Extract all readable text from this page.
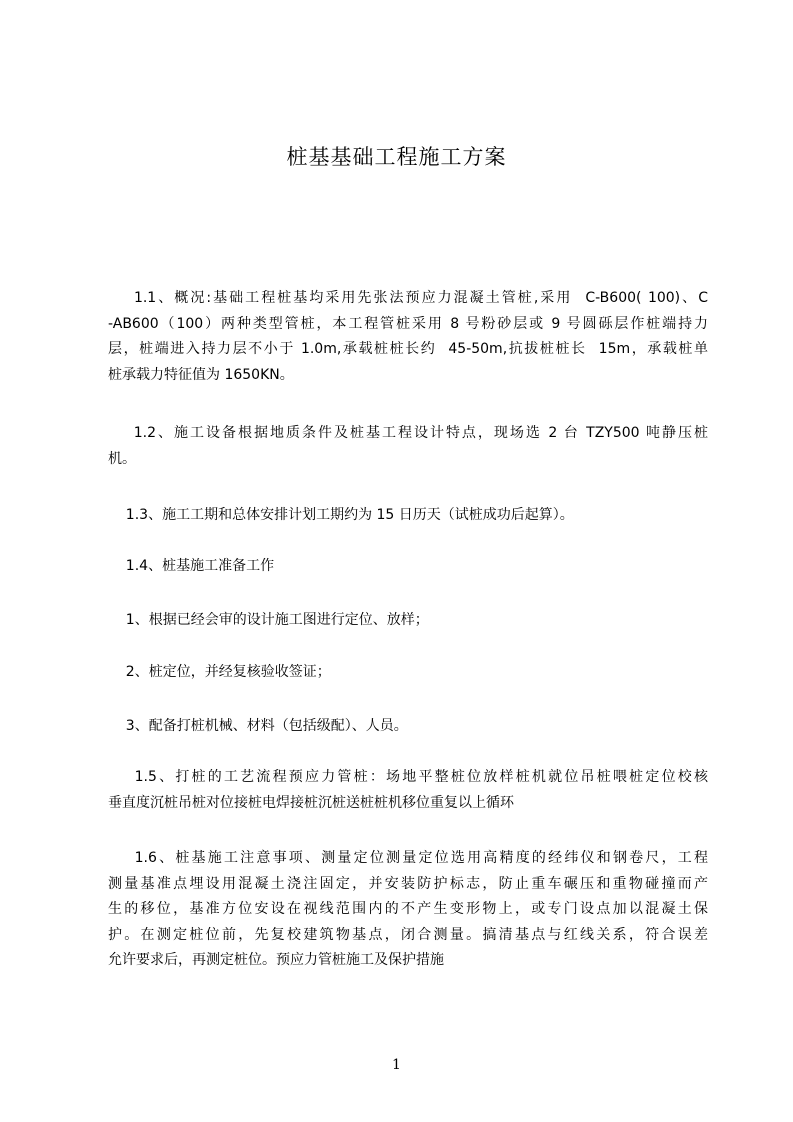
桩基基础工程施工方案
1.1、概况:基础工程桩基均采用先张法预应力混凝土管桩,采用  C-B600( 100)、C
-AB600（100）两种类型管桩，本工程管桩采用 8 号粉砂层或 9 号圆砾层作桩端持力
层，桩端进入持力层不小于 1.0m,承载桩桩长约  45-50m,抗拔桩桩长  15m，承载桩单
桩承载力特征值为 1650KN。
1.2、施工设备根据地质条件及桩基工程设计特点，现场选 2 台 TZY500 吨静压桩
机。
1.3、施工工期和总体安排计划工期约为 15 日历天（试桩成功后起算）。
1.4、桩基施工准备工作
1、根据已经会审的设计施工图进行定位、放样；
2、桩定位，并经复核验收签证；
3、配备打桩机械、材料（包括级配）、人员。
1.5、打桩的工艺流程预应力管桩：场地平整桩位放样桩机就位吊桩喂桩定位校核
垂直度沉桩吊桩对位接桩电焊接桩沉桩送桩桩机移位重复以上循环
1.6、桩基施工注意事项、测量定位测量定位选用高精度的经纬仪和钢卷尺，工程
测量基准点埋设用混凝土浇注固定，并安装防护标志，防止重车碾压和重物碰撞而产
生的移位，基准方位安设在视线范围内的不产生变形物上，或专门设点加以混凝土保
护。在测定桩位前，先复校建筑物基点，闭合测量。搞清基点与红线关系，符合误差
允许要求后，再测定桩位。预应力管桩施工及保护措施
1
